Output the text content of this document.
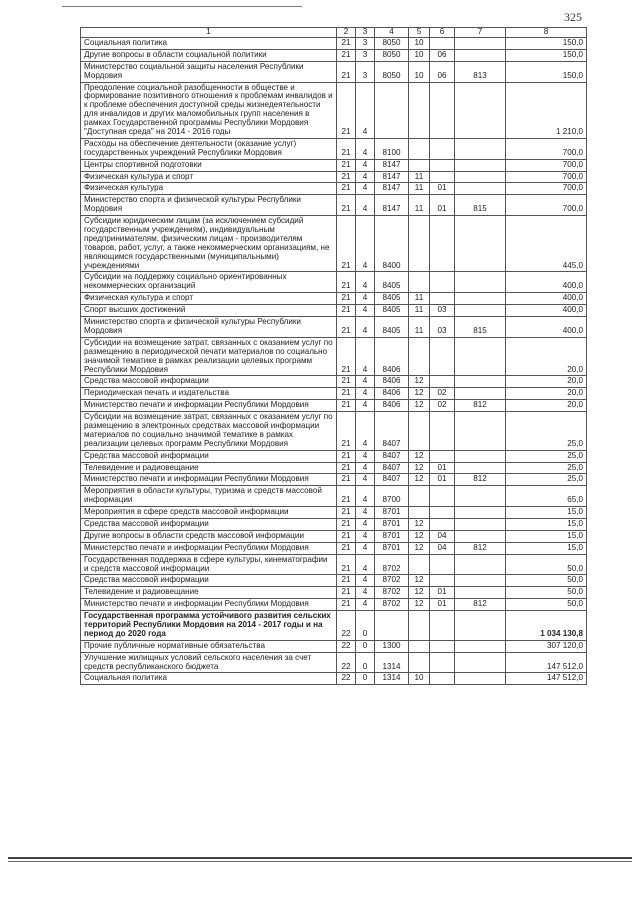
325
1	2	3	4	5	6	7	8
Социальная политика	21	3	8050	10			150,0
Другие вопросы в области социальной политики	21	3	8050	10	06		150,0
Министерство социальной защиты населения Республики Мордовия	21	3	8050	10	06	813	150,0
Преодоление социальной разобщенности в обществе и формирование позитивного отношения к проблемам инвалидов и к проблеме обеспечения доступной среды жизнедеятельности для инвалидов и других маломобильных групп населения в рамках Государственной программы Республики Мордовия "Доступная среда" на 2014 - 2016 годы	21	4					1 210,0
Расходы на обеспечение деятельности (оказание услуг) государственных учреждений Республики Мордовия	21	4	8100				700,0
Центры спортивной подготовки	21	4	8147				700,0
Физическая культура и спорт	21	4	8147	11			700,0
Физическая культура	21	4	8147	11	01		700,0
Министерство спорта и физической культуры Республики Мордовия	21	4	8147	11	01	815	700,0
Субсидии юридическим лицам (за исключением субсидий государственным учреждениям), индивидуальным предпринимателям, физическим лицам - производителям товаров, работ, услуг, а также некоммерческим организациям, не являющимся государственными (муниципальными) учреждениями	21	4	8400				445,0
Субсидии на поддержку социально ориентированных некоммерческих организаций	21	4	8405				400,0
Физическая культура и спорт	21	4	8405	11			400,0
Спорт высших достижений	21	4	8405	11	03		400,0
Министерство спорта и физической культуры Республики Мордовия	21	4	8405	11	03	815	400,0
Субсидии на возмещение затрат, связанных с оказанием услуг по размещению в периодической печати материалов по социально значимой тематике в рамках реализации целевых программ Республики Мордовия	21	4	8406				20,0
Средства массовой информации	21	4	8406	12			20,0
Периодическая печать и издательства	21	4	8406	12	02		20,0
Министерство печати и информации Республики Мордовия	21	4	8406	12	02	812	20,0
Субсидии на возмещение затрат, связанных с оказанием услуг по размещению в электронных средствах массовой информации материалов по социально значимой тематике в рамках реализации целевых программ Республики Мордовия	21	4	8407				25,0
Средства массовой информации	21	4	8407	12			25,0
Телевидение и радиовещание	21	4	8407	12	01		25,0
Министерство печати и информации Республики Мордовия	21	4	8407	12	01	812	25,0
Мероприятия в области культуры, туризма и средств массовой информации	21	4	8700				65,0
Мероприятия в сфере средств массовой информации	21	4	8701				15,0
Средства массовой информации	21	4	8701	12			15,0
Другие вопросы в области средств массовой информации	21	4	8701	12	04		15,0
Министерство печати и информации Республики Мордовия	21	4	8701	12	04	812	15,0
Государственная поддержка в сфере культуры, кинематографии и средств массовой информации	21	4	8702				50,0
Средства массовой информации	21	4	8702	12			50,0
Телевидение и радиовещание	21	4	8702	12	01		50,0
Министерство печати и информации Республики Мордовия	21	4	8702	12	01	812	50,0
Государственная программа устойчивого развития сельских территорий Республики Мордовия на 2014 - 2017 годы и на период до 2020 года	22	0					1 034 130,8
Прочие публичные нормативные обязательства	22	0	1300				307 120,0
Улучшение жилищных условий сельского населения за счет средств республиканского бюджета	22	0	1314				147 512,0
Социальная политика	22	0	1314	10			147 512,0
